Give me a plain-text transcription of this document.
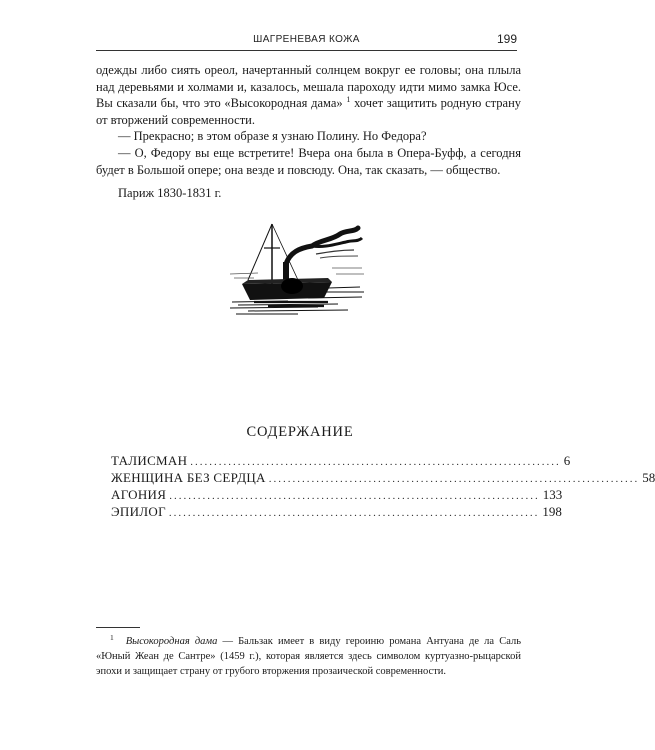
ШАГРЕНЕВАЯ КОЖА	199

одежды либо сиять ореол, начертанный солнцем вокруг ее головы; она плыла над деревьями и холмами и, казалось, мешала пароходу идти мимо замка Юсе. Вы сказали бы, что это «Высокородная дама» $^1$ хочет защитить родную страну от вторжений современности.

— Прекрасно; в этом образе я узнаю Полину. Но Федора?

— О, Федору вы еще встретите! Вчера она была в Опера-Буфф, а сегодня будет в Большой опере; она везде и повсюду. Она, так сказать, — общество.

Париж 1830-1831 г.
СОДЕРЖАНИЕ
ТАЛИСМАН .............................................................................. 6
ЖЕНЩИНА БЕЗ СЕРДЦА .............................................................................. 58
АГОНИЯ .............................................................................. 133
ЭПИЛОГ .............................................................................. 198
$^1$ Высокородная дама — Бальзак имеет в виду героиню романа Антуана де ла Саль «Юный Жеан де Сантре» (1459 г.), которая является здесь символом куртуазно-рыцарской эпохи и защищает страну от грубого вторжения прозаической современности.
